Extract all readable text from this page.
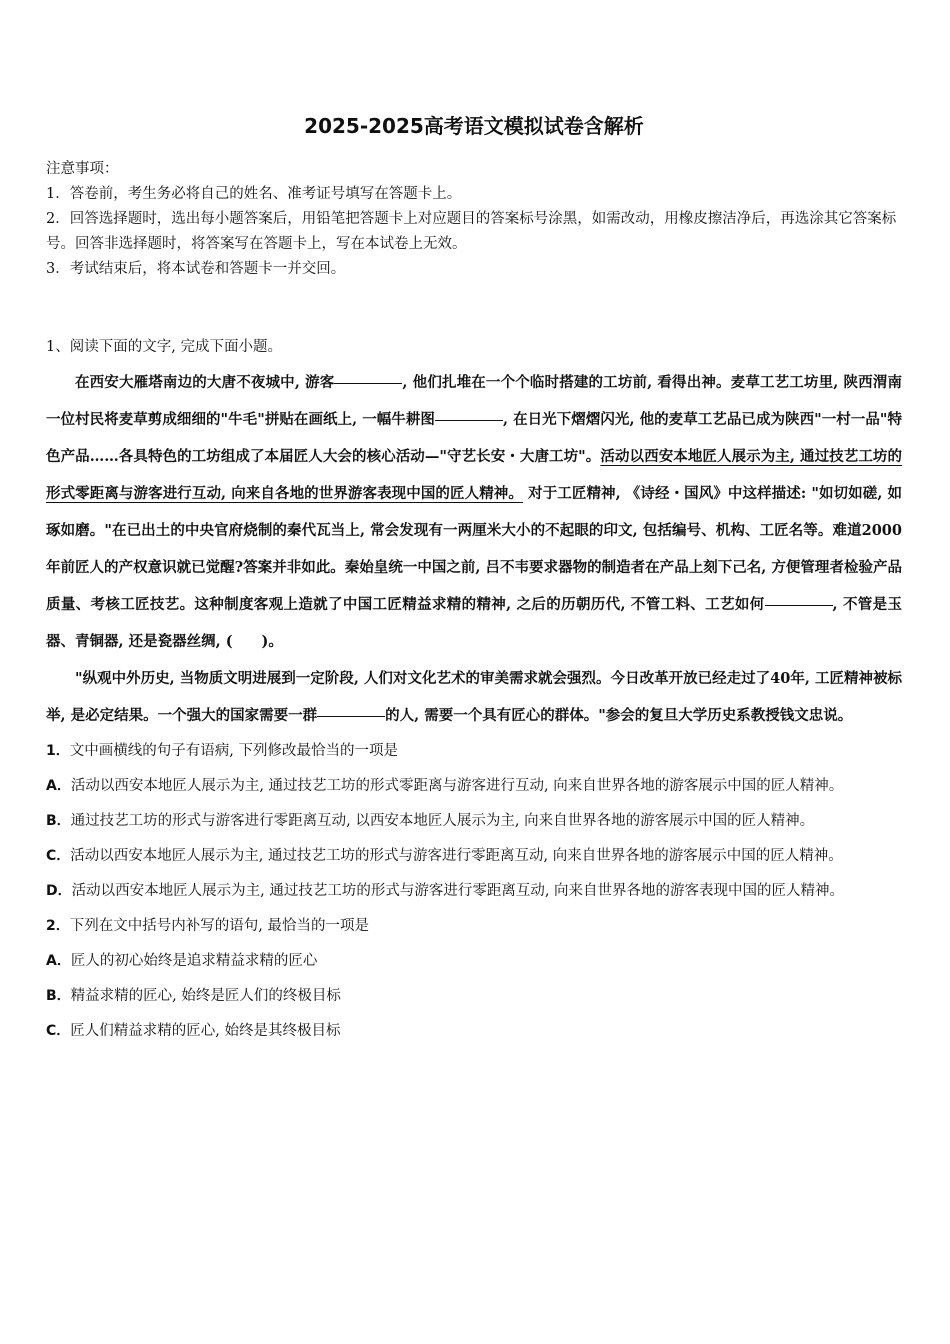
2025-2025高考语文模拟试卷含解析
注意事项：
1．答卷前，考生务必将自己的姓名、准考证号填写在答题卡上。
2．回答选择题时，选出每小题答案后，用铅笔把答题卡上对应题目的答案标号涂黑，如需改动，用橡皮擦洁净后，再选涂其它答案标号。回答非选择题时，将答案写在答题卡上，写在本试卷上无效。
3．考试结束后，将本试卷和答题卡一并交回。
1、阅读下面的文字, 完成下面小题。

在西安大雁塔南边的大唐不夜城中, 游客	, 他们扎堆在一个个临时搭建的工坊前, 看得出神。麦草工艺工坊里, 陕西渭南一位村民将麦草剪成细细的"牛毛"拼贴在画纸上, 一幅牛耕图	, 在日光下熠熠闪光, 他的麦草工艺品已成为陕西"一村一品"特色产品……各具特色的工坊组成了本届匠人大会的核心活动—"守艺长安・大唐工坊"。活动以西安本地匠人展示为主, 通过技艺工坊的形式零距离与游客进行互动, 向来自各地的世界游客表现中国的匠人精神。 对于工匠精神, 《诗经・国风》中这样描述: "如切如磋, 如琢如磨。"在已出土的中央官府烧制的秦代瓦当上, 常会发现有一两厘米大小的不起眼的印文, 包括编号、机构、工匠名等。难道2000年前匠人的产权意识就已觉醒?答案并非如此。秦始皇统一中国之前, 吕不韦要求器物的制造者在产品上刻下己名, 方便管理者检验产品质量、考核工匠技艺。这种制度客观上造就了中国工匠精益求精的精神, 之后的历朝历代, 不管工料、工艺如何	, 不管是玉器、青铜器, 还是瓷器丝绸, (　　)。

"纵观中外历史, 当物质文明进展到一定阶段, 人们对文化艺术的审美需求就会强烈。今日改革开放已经走过了40年, 工匠精神被标举, 是必定结果。一个强大的国家需要一群	的人, 需要一个具有匠心的群体。"参会的复旦大学历史系教授钱文忠说。

1．文中画横线的句子有语病, 下列修改最恰当的一项是
A．活动以西安本地匠人展示为主, 通过技艺工坊的形式零距离与游客进行互动, 向来自世界各地的游客展示中国的匠人精神。
B．通过技艺工坊的形式与游客进行零距离互动, 以西安本地匠人展示为主, 向来自世界各地的游客展示中国的匠人精神。
C．活动以西安本地匠人展示为主, 通过技艺工坊的形式与游客进行零距离互动, 向来自世界各地的游客展示中国的匠人精神。
D．活动以西安本地匠人展示为主, 通过技艺工坊的形式与游客进行零距离互动, 向来自世界各地的游客表现中国的匠人精神。
2．下列在文中括号内补写的语句, 最恰当的一项是
A．匠人的初心始终是追求精益求精的匠心
B．精益求精的匠心, 始终是匠人们的终极目标
C．匠人们精益求精的匠心, 始终是其终极目标
